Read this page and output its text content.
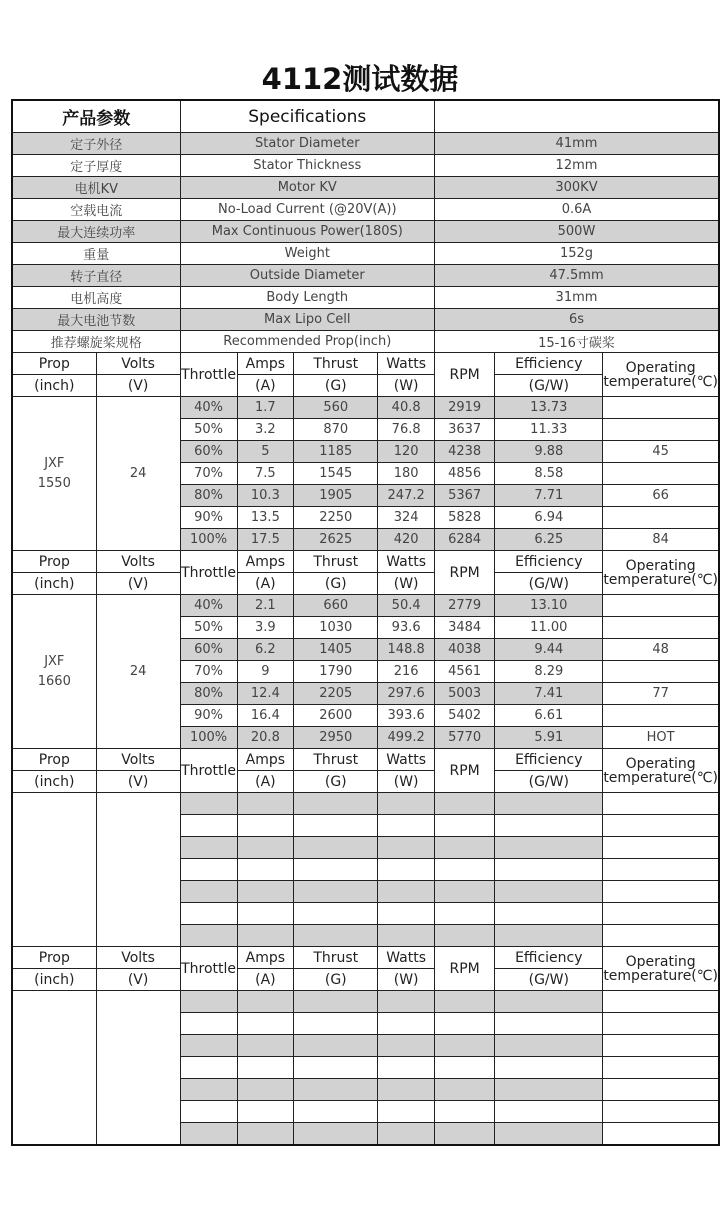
4112测试数据
产品参数		Specifications						
定子外径		Stator Diameter				41mm		
定子厚度		Stator Thickness				12mm		
电机KV		Motor KV				300KV		
空载电流		No-Load Current (@20V(A))				0.6A		
最大连续功率		Max Continuous Power(180S)				500W		
重量		Weight				152g		
转子直径		Outside Diameter				47.5mm		
电机高度		Body Length				31mm		
最大电池节数		Max Lipo Cell				6s		
推荐螺旋桨规格		Recommended Prop(inch)				15-16寸碳桨		
Prop	Volts	Throttle	Amps	Thrust	Watts	RPM	Efficiency	Operating
temperature(℃)

(inch)	(V)		(A)	(G)	(W)		(G/W)	

JXF
1550	24	40%	1.7	560	40.8	2919	13.73	
		50%	3.2	870	76.8	3637	11.33	
		60%	5	1185	120	4238	9.88	45
		70%	7.5	1545	180	4856	8.58	
		80%	10.3	1905	247.2	5367	7.71	66
		90%	13.5	2250	324	5828	6.94	
		100%	17.5	2625	420	6284	6.25	84
Prop	Volts	Throttle	Amps	Thrust	Watts	RPM	Efficiency	Operating
temperature(℃)

(inch)	(V)		(A)	(G)	(W)		(G/W)	

JXF
1660	24	40%	2.1	660	50.4	2779	13.10	
		50%	3.9	1030	93.6	3484	11.00	
		60%	6.2	1405	148.8	4038	9.44	48
		70%	9	1790	216	4561	8.29	
		80%	12.4	2205	297.6	5003	7.41	77
		90%	16.4	2600	393.6	5402	6.61	
		100%	20.8	2950	499.2	5770	5.91	HOT
Prop	Volts	Throttle	Amps	Thrust	Watts	RPM	Efficiency	Operating
temperature(℃)

(inch)	(V)		(A)	(G)	(W)		(G/W)	

Prop	Volts	Throttle	Amps	Thrust	Watts	RPM	Efficiency	Operating
temperature(℃)

(inch)	(V)		(A)	(G)	(W)		(G/W)	
